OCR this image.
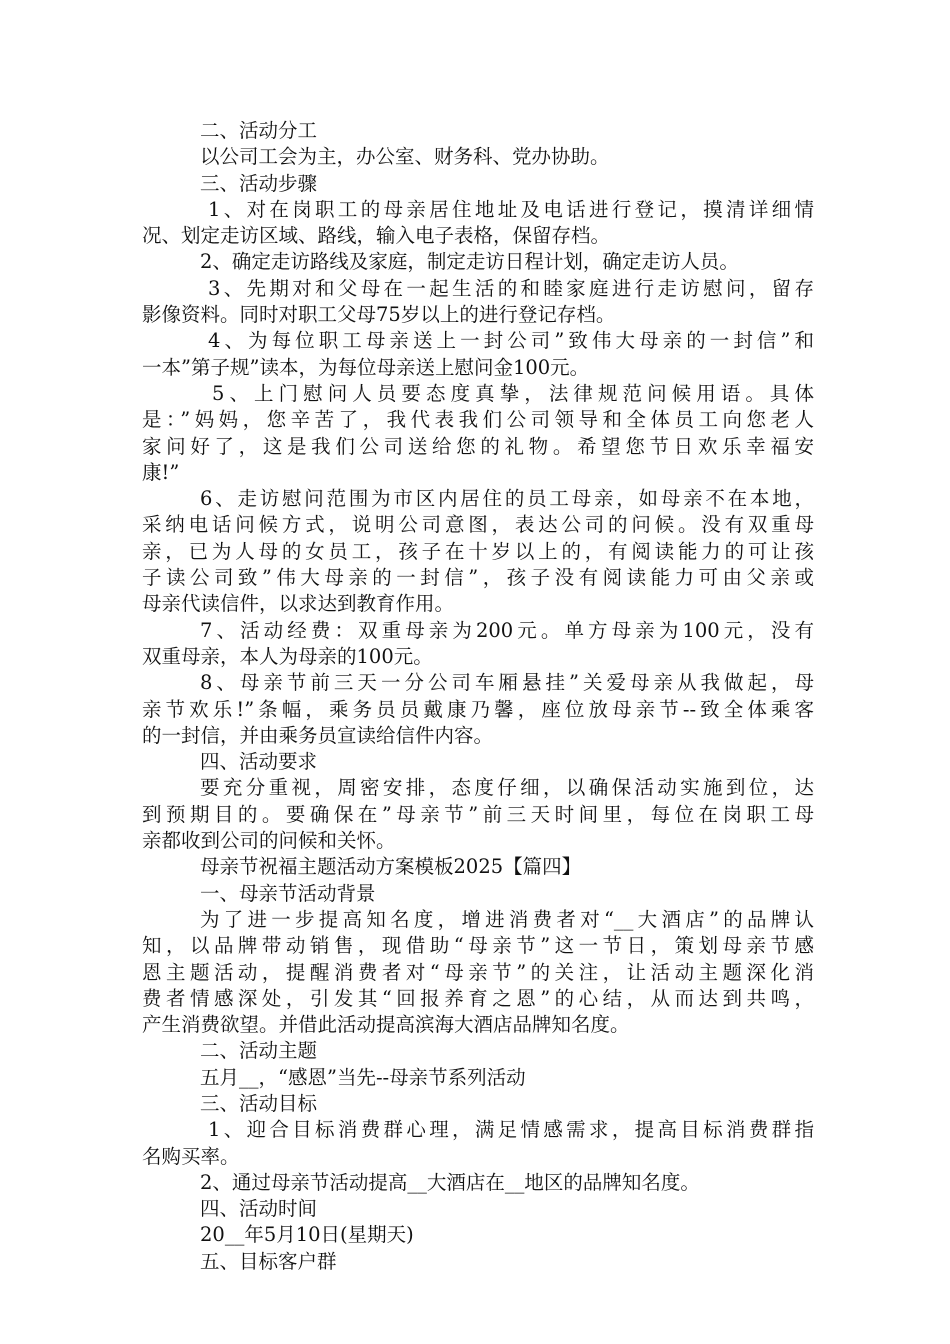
二、活动分工
以公司工会为主，办公室、财务科、党办协助。
三、活动步骤
1、对在岗职工的母亲居住地址及电话进行登记，摸清详细情
况、划定走访区域、路线，输入电子表格，保留存档。
2、确定走访路线及家庭，制定走访日程计划，确定走访人员。
3、先期对和父母在一起生活的和睦家庭进行走访慰问，留存
影像资料。同时对职工父母75岁以上的进行登记存档。
4、为每位职工母亲送上一封公司”致伟大母亲的一封信”和
一本”第子规”读本，为每位母亲送上慰问金100元。
5、上门慰问人员要态度真挚，法律规范问候用语。具体
是：”妈妈，您辛苦了，我代表我们公司领导和全体员工向您老人
家问好了，这是我们公司送给您的礼物。希望您节日欢乐幸福安
康!”
6、走访慰问范围为市区内居住的员工母亲，如母亲不在本地，
采纳电话问候方式，说明公司意图，表达公司的问候。没有双重母
亲，已为人母的女员工，孩子在十岁以上的，有阅读能力的可让孩
子读公司致”伟大母亲的一封信”，孩子没有阅读能力可由父亲或
母亲代读信件，以求达到教育作用。
7、活动经费：双重母亲为200元。单方母亲为100元，没有
双重母亲，本人为母亲的100元。
8、母亲节前三天一分公司车厢悬挂”关爱母亲从我做起，母
亲节欢乐!”条幅，乘务员员戴康乃馨，座位放母亲节--致全体乘客
的一封信，并由乘务员宣读给信件内容。
四、活动要求
要充分重视，周密安排，态度仔细，以确保活动实施到位，达
到预期目的。要确保在”母亲节”前三天时间里，每位在岗职工母
亲都收到公司的问候和关怀。
母亲节祝福主题活动方案模板2025【篇四】
一、母亲节活动背景
为了进一步提高知名度，增进消费者对“__大酒店”的品牌认
知，以品牌带动销售，现借助“母亲节”这一节日，策划母亲节感
恩主题活动，提醒消费者对“母亲节”的关注，让活动主题深化消
费者情感深处，引发其“回报养育之恩”的心结，从而达到共鸣，
产生消费欲望。并借此活动提高滨海大酒店品牌知名度。
二、活动主题
五月__，“感恩”当先--母亲节系列活动
三、活动目标
1、迎合目标消费群心理，满足情感需求，提高目标消费群指
名购买率。
2、通过母亲节活动提高__大酒店在__地区的品牌知名度。
四、活动时间
20__年5月10日(星期天)
五、目标客户群
